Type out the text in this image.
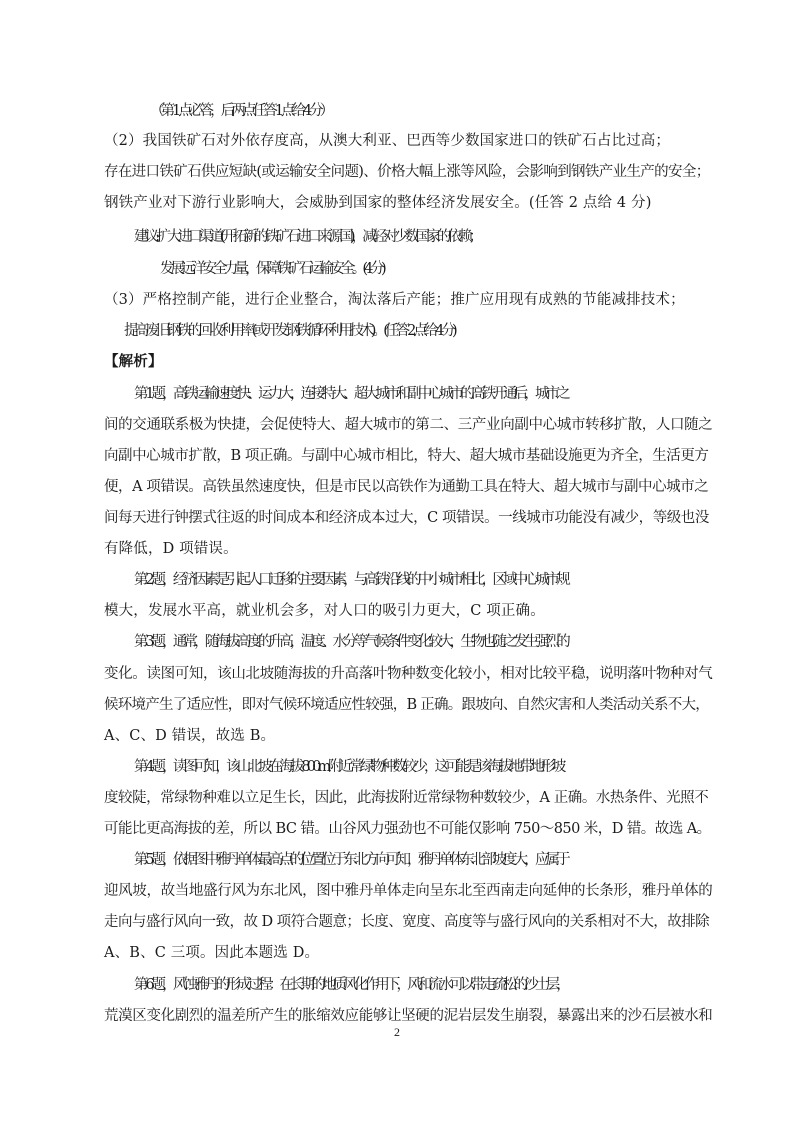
（第 1 点必答，后两点任答 1 点给 4 分）
（2）我国铁矿石对外依存度高，从澳大利亚、巴西等少数国家进口的铁矿石占比过高；
存在进口铁矿石供应短缺(或运输安全问题)、价格大幅上涨等风险，会影响到钢铁产业生产的安全；
钢铁产业对下游行业影响大，会威胁到国家的整体经济发展安全。(任答 2 点给 4 分)
建议:扩大进口渠道(开拓新的铁矿石进口来源国)，减轻对少数国家的依赖；
发展远洋安全力量，保障铁矿石运输安全。(4 分)
（3）严格控制产能，进行企业整合，淘汰落后产能；推广应用现有成熟的节能减排技术；
提高废旧钢铁的回收利用率(或开发钢铁循环利用技术)。(任答 2 点给 4 分)
【解析】
第 1 题，高铁运输速度快、运力大，连接特大、超大城市和副中心城市的高铁开通后，城市之
间的交通联系极为快捷，会促使特大、超大城市的第二、三产业向副中心城市转移扩散，人口随之
向副中心城市扩散，B 项正确。与副中心城市相比，特大、超大城市基础设施更为齐全，生活更方
便，A 项错误。高铁虽然速度快，但是市民以高铁作为通勤工具在特大、超大城市与副中心城市之
间每天进行钟摆式往返的时间成本和经济成本过大，C 项错误。一线城市功能没有减少，等级也没
有降低，D 项错误。
第 2 题，经济因素是引起人口迁移的主要因素，与高铁沿线的中小城市相比，区域中心城市规
模大，发展水平高，就业机会多，对人口的吸引力更大，C 项正确。
第 3 题，通常，随海拔高度的升高，温度、水分等气候条件变化较大，生物也随之发生强烈的
变化。读图可知，该山北坡随海拔的升高落叶物种数变化较小，相对比较平稳，说明落叶物种对气
候环境产生了适应性，即对气候环境适应性较强，B 正确。跟坡向、自然灾害和人类活动关系不大，
A、C、D 错误，故选 B。
第 4 题，读图可知，该山北坡在海拔 800m 附近常绿物种数较少，这可能是该海拔地带地形坡
度较陡，常绿物种难以立足生长，因此，此海拔附近常绿物种数较少，A 正确。水热条件、光照不
可能比更高海拔的差，所以 BC 错。山谷风力强劲也不可能仅影响 750～850 米，D 错。故选 A。
第 5 题，依据图中雅丹单体最高点的位置位于东北方向可知，雅丹单体东北部坡度大，应属于
迎风坡，故当地盛行风为东北风，图中雅丹单体走向呈东北至西南走向延伸的长条形，雅丹单体的
走向与盛行风向一致，故 D 项符合题意；长度、宽度、高度等与盛行风向的关系相对不大，故排除
A、B、C 三项。因此本题选 D。
第 6 题，风蚀雅丹的形成过程：在长期的地质风化作用下，风和流水可以带走疏松的沙土层，
荒漠区变化剧烈的温差所产生的胀缩效应能够让坚硬的泥岩层发生崩裂，暴露出来的沙石层被水和
2
